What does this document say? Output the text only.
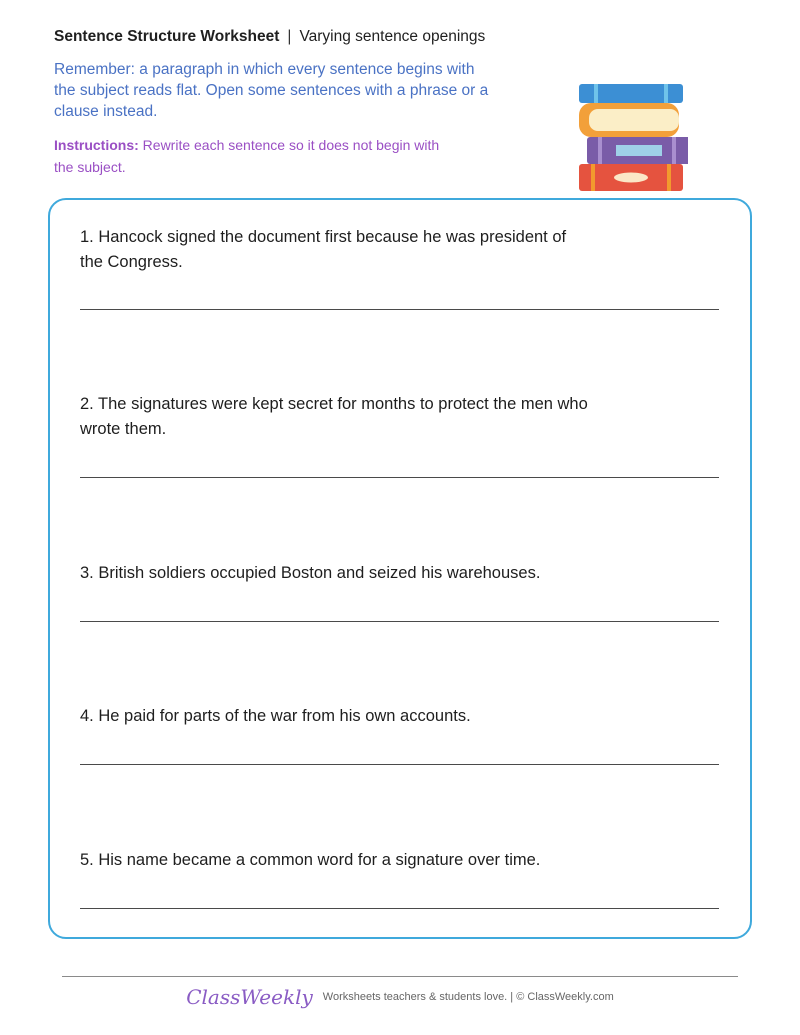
Sentence Structure Worksheet | Varying sentence openings
Remember: a paragraph in which every sentence begins with
the subject reads flat. Open some sentences with a phrase or a
clause instead.
Instructions: Rewrite each sentence so it does not begin with
the subject.
1. Hancock signed the document first because he was president of
the Congress.
2. The signatures were kept secret for months to protect the men who
wrote them.
3. British soldiers occupied Boston and seized his warehouses.
4. He paid for parts of the war from his own accounts.
5. His name became a common word for a signature over time.
ClassWeekly Worksheets teachers & students love. | © ClassWeekly.com
